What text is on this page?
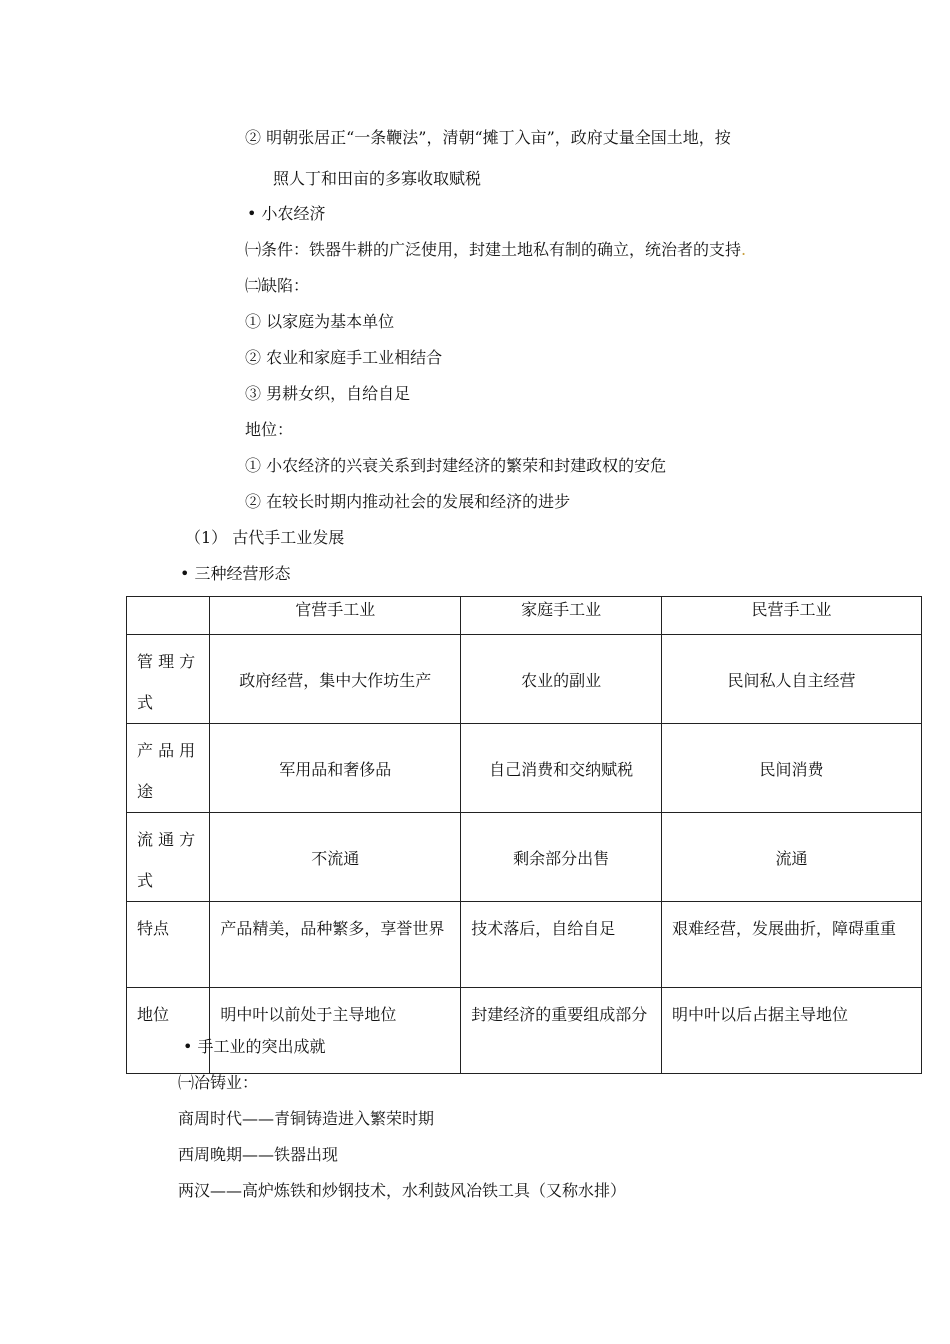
② 明朝张居正“一条鞭法”，清朝“摊丁入亩”，政府丈量全国土地，按
照人丁和田亩的多寡收取赋税
• 小农经济
㈠条件：铁器牛耕的广泛使用，封建土地私有制的确立，统治者的支持.
㈡缺陷：
① 以家庭为基本单位
② 农业和家庭手工业相结合
③ 男耕女织，自给自足
地位：
① 小农经济的兴衰关系到封建经济的繁荣和封建政权的安危
② 在较长时期内推动社会的发展和经济的进步
（1） 古代手工业发展
• 三种经营形态
	官营手工业	家庭手工业	民营手工业
管 理 方 式	政府经营，集中大作坊生产	农业的副业	民间私人自主经营
产 品 用 途	军用品和奢侈品	自己消费和交纳赋税	民间消费
流 通 方 式	不流通	剩余部分出售	流通
特点	产品精美，品种繁多，享誉世界	技术落后，自给自足	艰难经营，发展曲折，障碍重重
地位	明中叶以前处于主导地位	封建经济的重要组成部分	明中叶以后占据主导地位
• 手工业的突出成就
㈠冶铸业：
商周时代——青铜铸造进入繁荣时期
西周晚期——铁器出现
两汉——高炉炼铁和炒钢技术，水利鼓风冶铁工具（又称水排）
